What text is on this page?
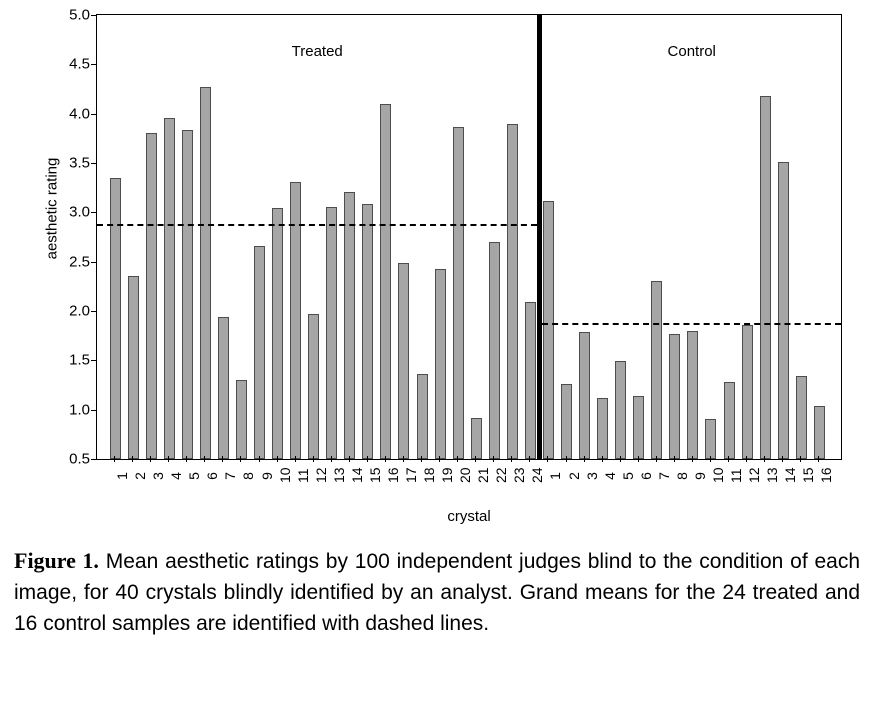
aesthetic rating
5.0
4.5
4.0
3.5
3.0
2.5
2.0
1.5
1.0
0.5
Treated	Control
1 2 3 4 5 6 7 8 9 10 11 12 13 14 15 16 17 18 19 20 21 22 23 24 1 2 3 4 5 6 7 8 9 10 11 12 13 14 15 16
crystal
Figure 1. Mean aesthetic ratings by 100 independent judges blind to the condition of each image, for 40 crystals blindly identified by an analyst. Grand means for the 24 treated and 16 control samples are identified with dashed lines.
